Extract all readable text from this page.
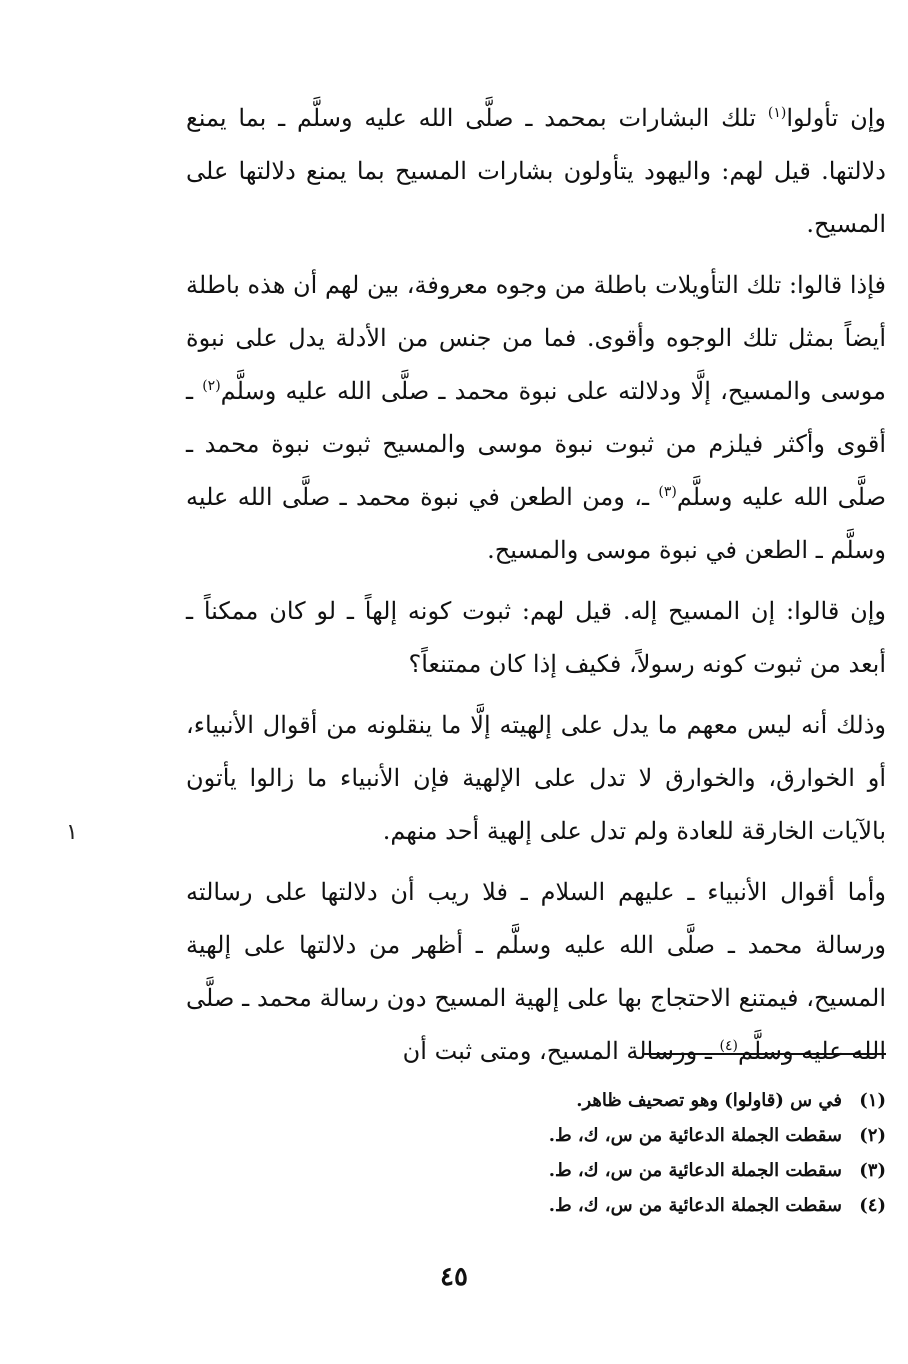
وإن تأولوا$^{(١)}$ تلك البشارات بمحمد ـ صلَّى الله عليه وسلَّم ـ بما يمنع دلالتها. قيل لهم: واليهود يتأولون بشارات المسيح بما يمنع دلالتها على المسيح.

فإذا قالوا: تلك التأويلات باطلة من وجوه معروفة، بين لهم أن هذه باطلة أيضاً بمثل تلك الوجوه وأقوى. فما من جنس من الأدلة يدل على نبوة موسى والمسيح، إلَّا ودلالته على نبوة محمد ـ صلَّى الله عليه وسلَّم$^{(٢)}$ ـ أقوى وأكثر فيلزم من ثبوت نبوة موسى والمسيح ثبوت نبوة محمد ـ صلَّى الله عليه وسلَّم$^{(٣)}$ ـ، ومن الطعن في نبوة محمد ـ صلَّى الله عليه وسلَّم ـ الطعن في نبوة موسى والمسيح.

وإن قالوا: إن المسيح إله. قيل لهم: ثبوت كونه إلهاً ـ لو كان ممكناً ـ أبعد من ثبوت كونه رسولاً، فكيف إذا كان ممتنعاً؟

وذلك أنه ليس معهم ما يدل على إلهيته إلَّا ما ينقلونه من أقوال الأنبياء، أو الخوارق، والخوارق لا تدل على الإلهية فإن الأنبياء ما زالوا يأتون بالآيات الخارقة للعادة ولم تدل على إلهية أحد منهم.

وأما أقوال الأنبياء ـ عليهم السلام ـ فلا ريب أن دلالتها على رسالته ورسالة محمد ـ صلَّى الله عليه وسلَّم ـ أظهر من دلالتها على إلهية المسيح، فيمتنع الاحتجاج بها على إلهية المسيح دون رسالة محمد ـ صلَّى الله عليه وسلَّم$^{(٤)}$ ـ ورسالة المسيح، ومتى ثبت أن

١

(١)في س (قاولوا) وهو تصحيف ظاهر.

(٢)سقطت الجملة الدعائية من س، ك، ط.

(٣)سقطت الجملة الدعائية من س، ك، ط.

(٤)سقطت الجملة الدعائية من س، ك، ط.

٤٥
